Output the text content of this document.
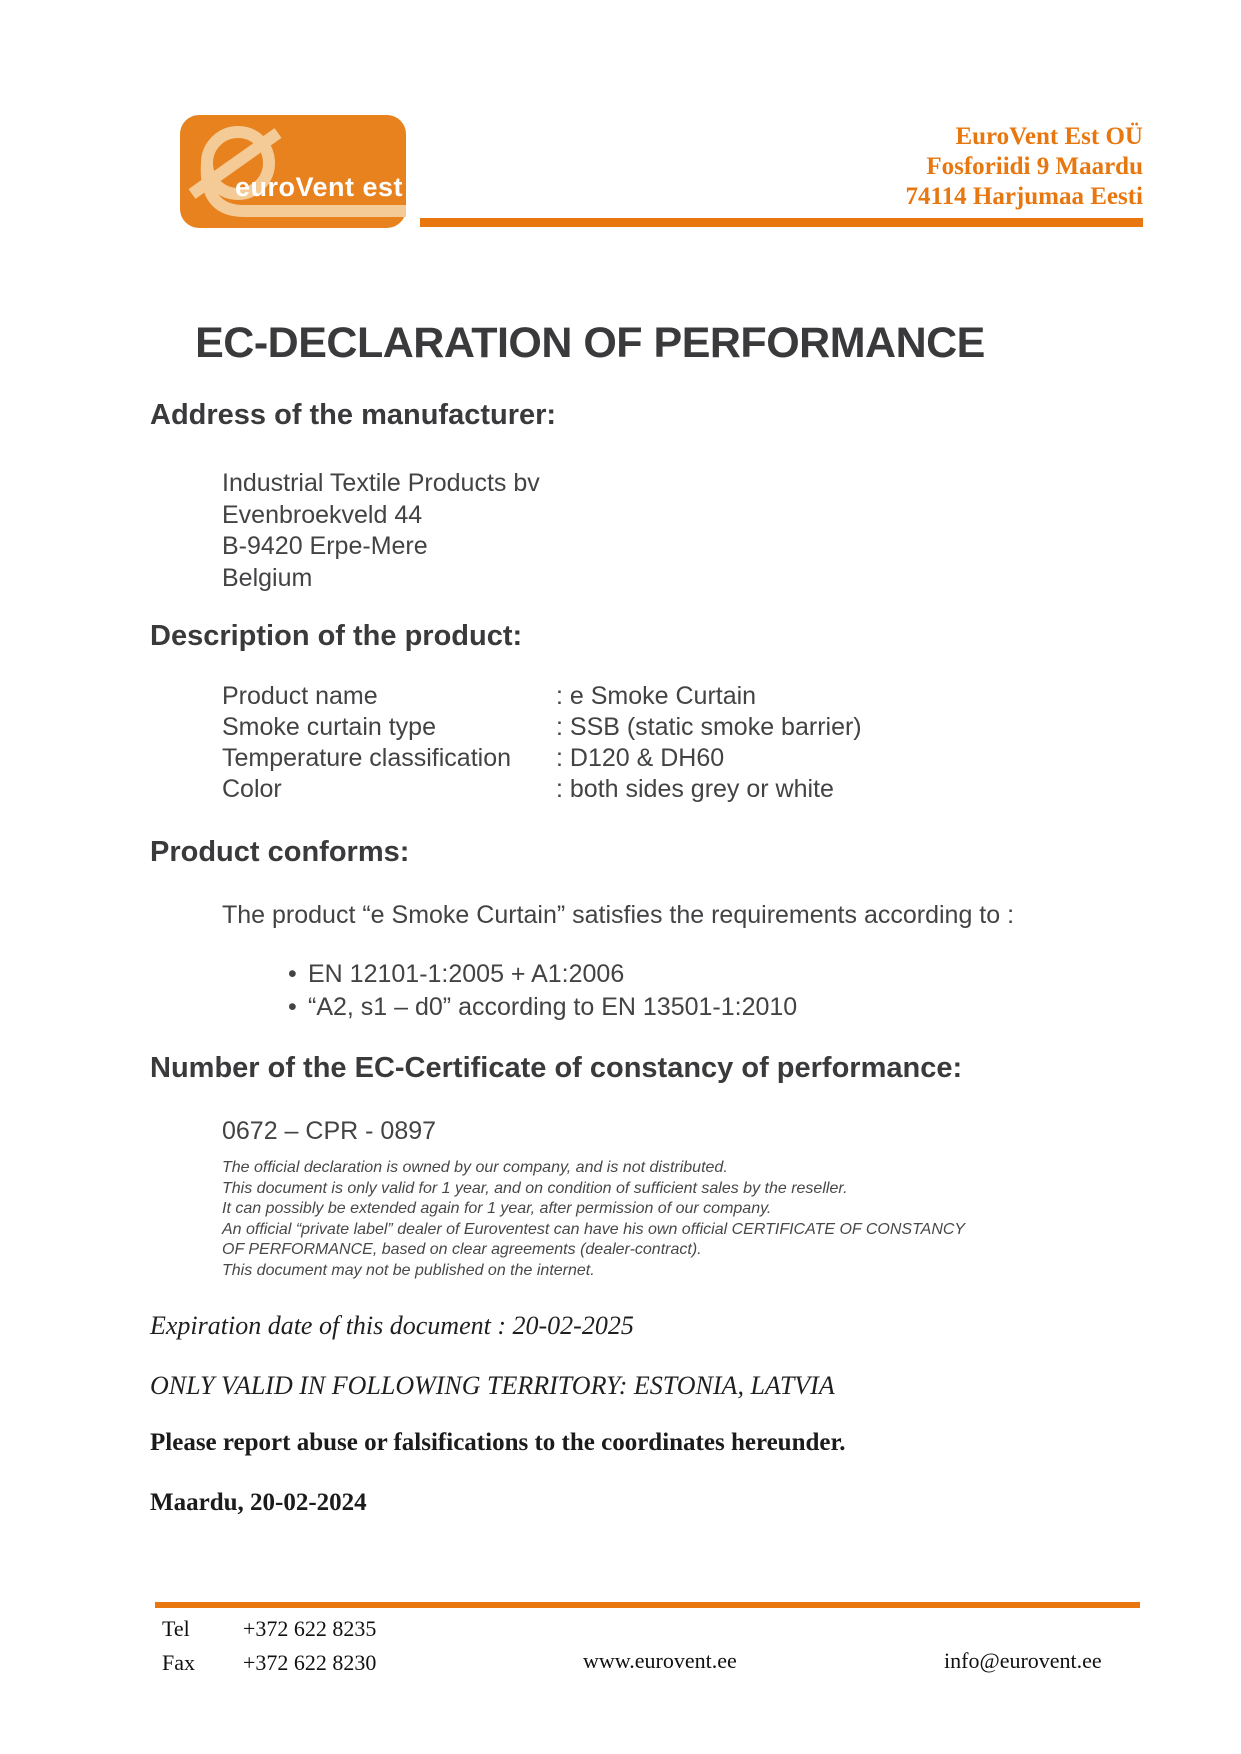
euroVent est
EuroVent Est OÜ
Fosforiidi 9 Maardu
74114 Harjumaa Eesti
EC-DECLARATION OF PERFORMANCE
Address of the manufacturer:
Industrial Textile Products bv
Evenbroekveld 44
B-9420 Erpe-Mere
Belgium
Description of the product:
Product name	: e Smoke Curtain
Smoke curtain type	: SSB (static smoke barrier)
Temperature classification	: D120 & DH60
Color	: both sides grey or white
Product conforms:
The product “e Smoke Curtain” satisfies the requirements according to :
• EN 12101-1:2005 + A1:2006
• “A2, s1 – d0” according to EN 13501-1:2010
Number of the EC-Certificate of constancy of performance:
0672 – CPR - 0897
The official declaration is owned by our company, and is not distributed.
This document is only valid for 1 year, and on condition of sufficient sales by the reseller.
It can possibly be extended again for 1 year, after permission of our company.
An official “private label” dealer of Euroventest can have his own official CERTIFICATE OF CONSTANCY
OF PERFORMANCE, based on clear agreements (dealer-contract).
This document may not be published on the internet.
Expiration date of this document : 20-02-2025
ONLY VALID IN FOLLOWING TERRITORY: ESTONIA, LATVIA
Please report abuse or falsifications to the coordinates hereunder.
Maardu, 20-02-2024
Tel +372 622 8235
Fax +372 622 8230	www.eurovent.ee	info@eurovent.ee
